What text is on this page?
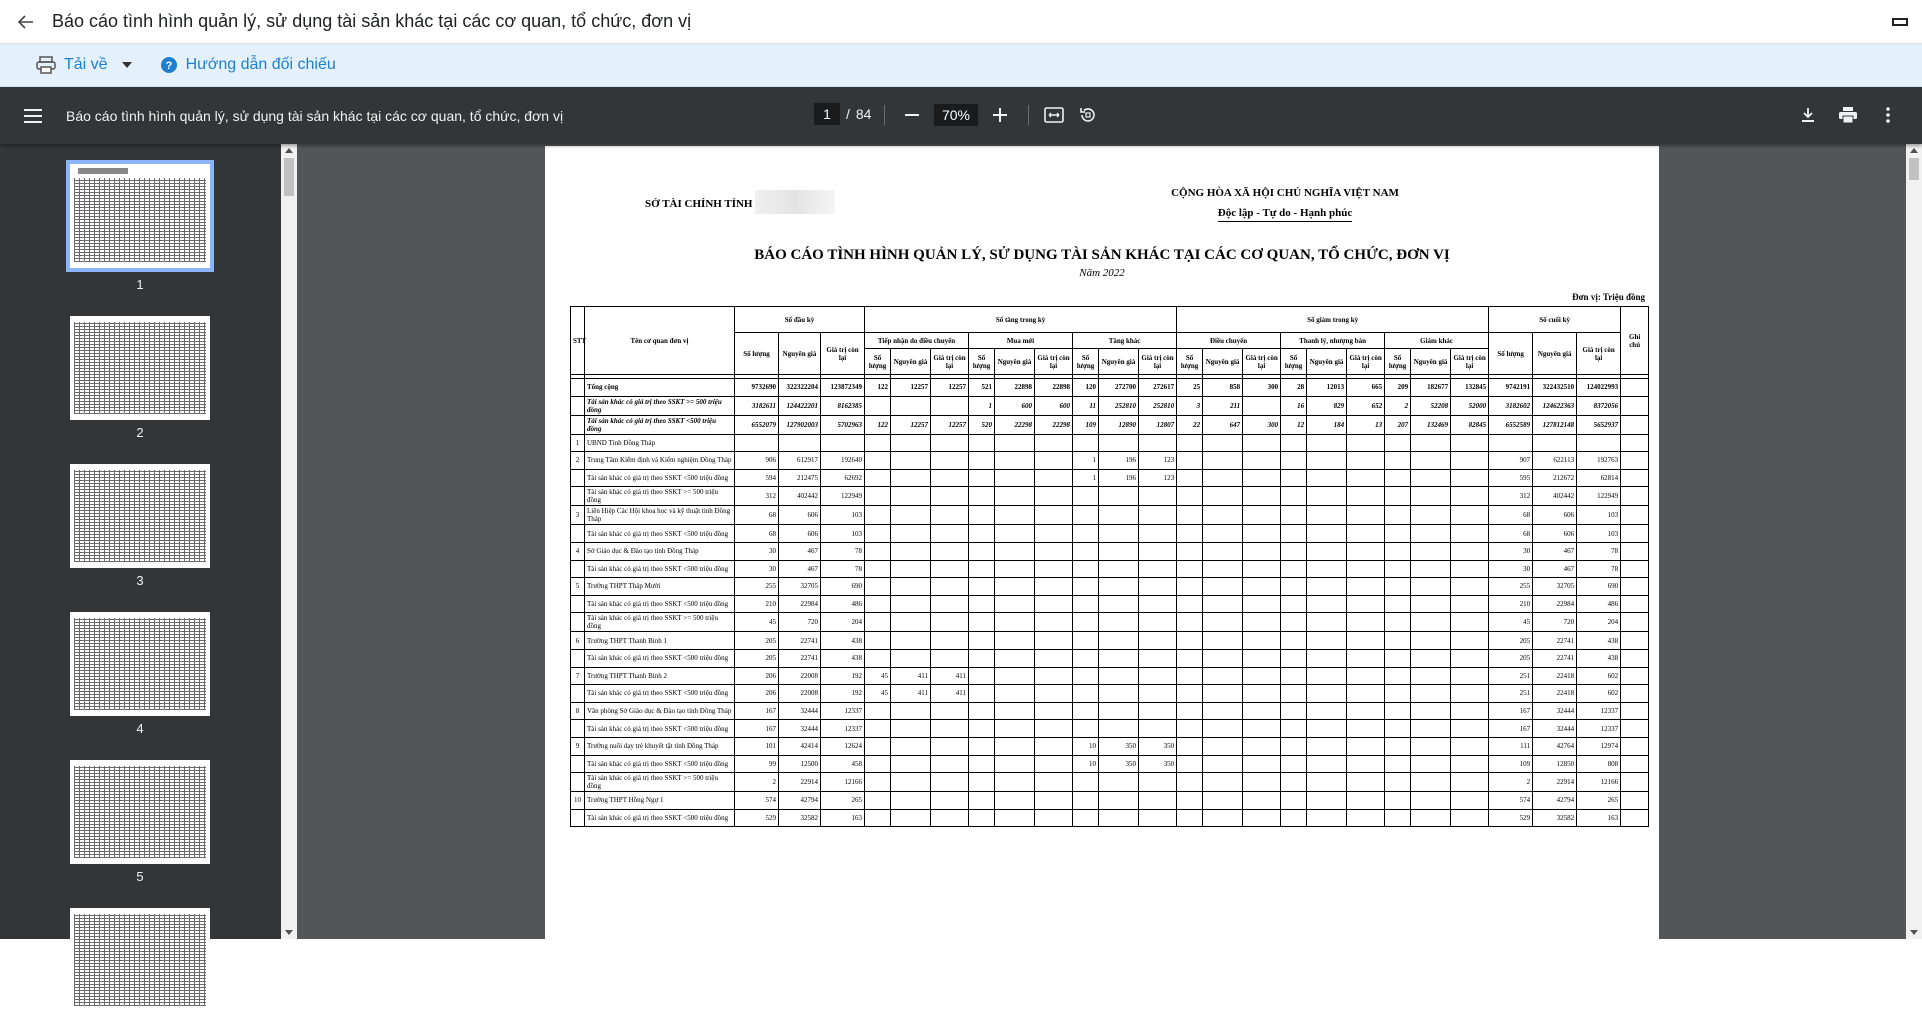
Báo cáo tình hình quản lý, sử dụng tài sản khác tại các cơ quan, tổ chức, đơn vị
Tải về	? Hướng dẫn đối chiếu
Báo cáo tình hình quản lý, sử dụng tài sản khác tại các cơ quan, tổ chức, đơn vị
1	/ 84
70%
1
2
3
4
5
SỞ TÀI CHÍNH TỈNH
CỘNG HÒA XÃ HỘI CHỦ NGHĨA VIỆT NAM
Độc lập - Tự do - Hạnh phúc
BÁO CÁO TÌNH HÌNH QUẢN LÝ, SỬ DỤNG TÀI SẢN KHÁC TẠI CÁC CƠ QUAN, TỔ CHỨC, ĐƠN VỊ
Năm 2022
Đơn vị: Triệu đồng
STT	Tên cơ quan đơn vị	Số đầu kỳ			Số tăng trong kỳ									Số giảm trong kỳ									Số cuối kỳ			Ghi chú
		Số lượng	Nguyên giá	Giá trị còn lại	Tiếp nhận do điều chuyển			Mua mới			Tăng khác			Điều chuyển			Thanh lý, nhượng bán			Giảm khác			Số lượng	Nguyên giá	Giá trị còn lại	
					Số lượng	Nguyên giá	Giá trị còn lại	Số lượng	Nguyên giá	Giá trị còn lại	Số lượng	Nguyên giá	Giá trị còn lại	Số lượng	Nguyên giá	Giá trị còn lại	Số lượng	Nguyên giá	Giá trị còn lại	Số lượng	Nguyên giá	Giá trị còn lại				

	Tổng cộng	9732690	322322204	123872349	122	12257	12257	521	22898	22898	120	272700	272617	25	858	300	28	12013	665	209	182677	132845	9742191	322432510	124022993	
	Tài sản khác có giá trị theo SSKT >= 500 triệu đồng	3182611	124422201	8162385				1	600	600	11	252810	252810	3	211		16	829	652	2	52208	52000	3182602	124622363	8372056	
	Tài sản khác có giá trị theo SSKT <500 triệu đồng	6552079	127902003	5702963	122	12257	12257	520	22298	22298	109	12890	12807	22	647	300	12	184	13	207	132469	82845	6552589	127812148	5652937	
1	UBND Tỉnh Đồng Tháp																									
2	Trung Tâm Kiểm định và Kiểm nghiệm Đồng Tháp	906	612917	192640							1	196	123										907	622113	192763	
	Tài sản khác có giá trị theo SSKT <500 triệu đồng	594	212475	62692							1	196	123										595	212672	62814	
	Tài sản khác có giá trị theo SSKT >= 500 triệu đồng	312	402442	122949																			312	402442	122949	
3	Liên Hiệp Các Hội khoa học và kỹ thuật tỉnh Đồng Tháp	68	606	103																			68	606	103	
	Tài sản khác có giá trị theo SSKT <500 triệu đồng	68	606	103																			68	606	103	
4	Sở Giáo dục & Đào tạo tỉnh Đồng Tháp	30	467	78																			30	467	78	
	Tài sản khác có giá trị theo SSKT <500 triệu đồng	30	467	78																			30	467	78	
5	Trường THPT Tháp Mười	255	32705	690																			255	32705	690	
	Tài sản khác có giá trị theo SSKT <500 triệu đồng	210	22984	486																			210	22984	486	
	Tài sản khác có giá trị theo SSKT >= 500 triệu đồng	45	720	204																			45	720	204	
6	Trường THPT Thanh Bình 1	205	22741	438																			205	22741	438	
	Tài sản khác có giá trị theo SSKT <500 triệu đồng	205	22741	438																			205	22741	438	
7	Trường THPT Thanh Bình 2	206	22008	192	45	411	411																251	22418	602	
	Tài sản khác có giá trị theo SSKT <500 triệu đồng	206	22008	192	45	411	411																251	22418	602	
8	Văn phòng Sở Giáo dục & Đào tạo tỉnh Đồng Tháp	167	32444	12337																			167	32444	12337	
	Tài sản khác có giá trị theo SSKT <500 triệu đồng	167	32444	12337																			167	32444	12337	
9	Trường nuôi dạy trẻ khuyết tật tỉnh Đồng Tháp	101	42414	12624							10	350	350										111	42764	12974	
	Tài sản khác có giá trị theo SSKT <500 triệu đồng	99	12500	458							10	350	350										109	12850	808	
	Tài sản khác có giá trị theo SSKT >= 500 triệu đồng	2	22914	12166																			2	22914	12166	
10	Trường THPT Hồng Ngự 1	574	42794	265																			574	42794	265	
	Tài sản khác có giá trị theo SSKT <500 triệu đồng	529	32582	163																			529	32582	163	
